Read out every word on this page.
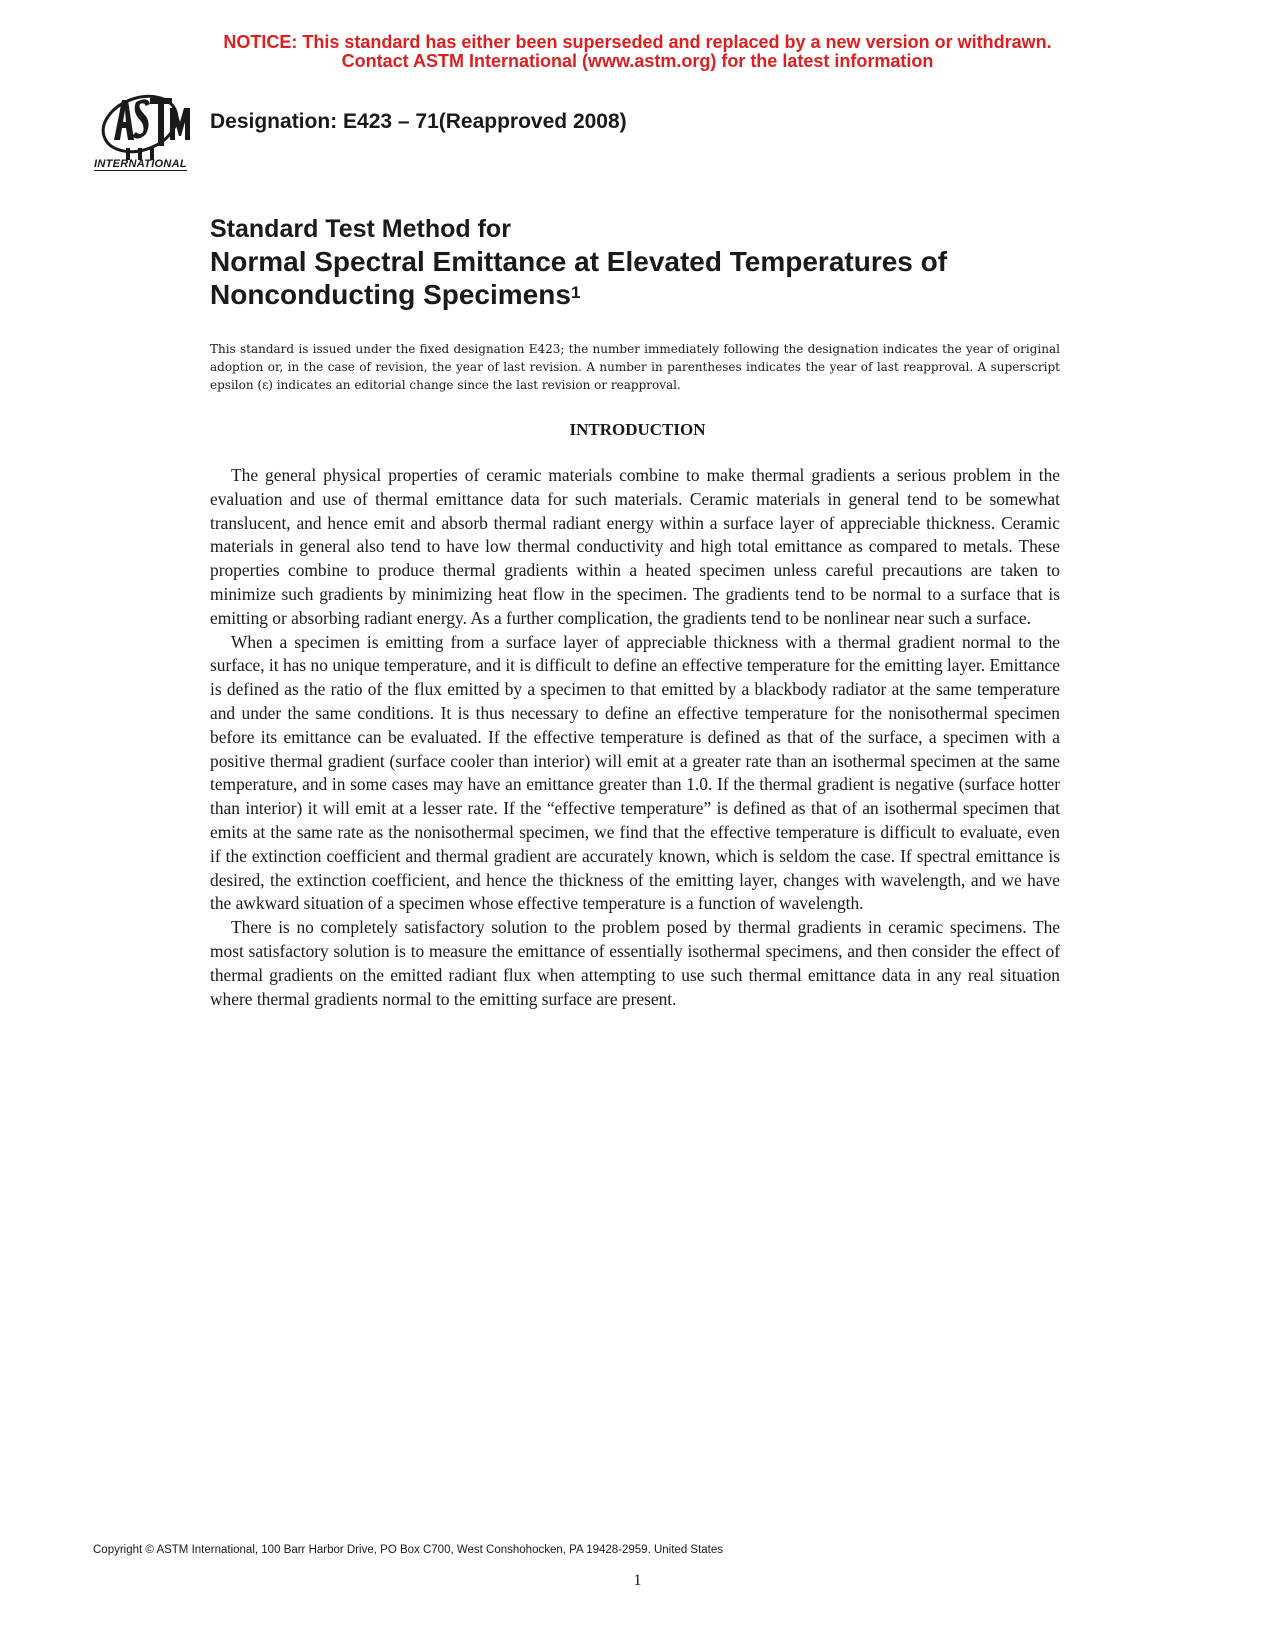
NOTICE: This standard has either been superseded and replaced by a new version or withdrawn.
Contact ASTM International (www.astm.org) for the latest information
INTERNATIONAL
Designation: E423 – 71(Reapproved 2008)
Standard Test Method for
Normal Spectral Emittance at Elevated Temperatures of
Nonconducting Specimens$^1$
This standard is issued under the fixed designation E423; the number immediately following the designation indicates the year of original adoption or, in the case of revision, the year of last revision. A number in parentheses indicates the year of last reapproval. A superscript epsilon (ε) indicates an editorial change since the last revision or reapproval.
INTRODUCTION

The general physical properties of ceramic materials combine to make thermal gradients a serious problem in the evaluation and use of thermal emittance data for such materials. Ceramic materials in general tend to be somewhat translucent, and hence emit and absorb thermal radiant energy within a surface layer of appreciable thickness. Ceramic materials in general also tend to have low thermal conductivity and high total emittance as compared to metals. These properties combine to produce thermal gradients within a heated specimen unless careful precautions are taken to minimize such gradients by minimizing heat flow in the specimen. The gradients tend to be normal to a surface that is emitting or absorbing radiant energy. As a further complication, the gradients tend to be nonlinear near such a surface.

When a specimen is emitting from a surface layer of appreciable thickness with a thermal gradient normal to the surface, it has no unique temperature, and it is difficult to define an effective temperature for the emitting layer. Emittance is defined as the ratio of the flux emitted by a specimen to that emitted by a blackbody radiator at the same temperature and under the same conditions. It is thus necessary to define an effective temperature for the nonisothermal specimen before its emittance can be evaluated. If the effective temperature is defined as that of the surface, a specimen with a positive thermal gradient (surface cooler than interior) will emit at a greater rate than an isothermal specimen at the same temperature, and in some cases may have an emittance greater than 1.0. If the thermal gradient is negative (surface hotter than interior) it will emit at a lesser rate. If the “effective temperature” is defined as that of an isothermal specimen that emits at the same rate as the nonisothermal specimen, we find that the effective temperature is difficult to evaluate, even if the extinction coefficient and thermal gradient are accurately known, which is seldom the case. If spectral emittance is desired, the extinction coefficient, and hence the thickness of the emitting layer, changes with wavelength, and we have the awkward situation of a specimen whose effective temperature is a function of wavelength.

There is no completely satisfactory solution to the problem posed by thermal gradients in ceramic specimens. The most satisfactory solution is to measure the emittance of essentially isothermal specimens, and then consider the effect of thermal gradients on the emitted radiant flux when attempting to use such thermal emittance data in any real situation where thermal gradients normal to the emitting surface are present.

Copyright © ASTM International, 100 Barr Harbor Drive, PO Box C700, West Conshohocken, PA 19428-2959. United States
1
